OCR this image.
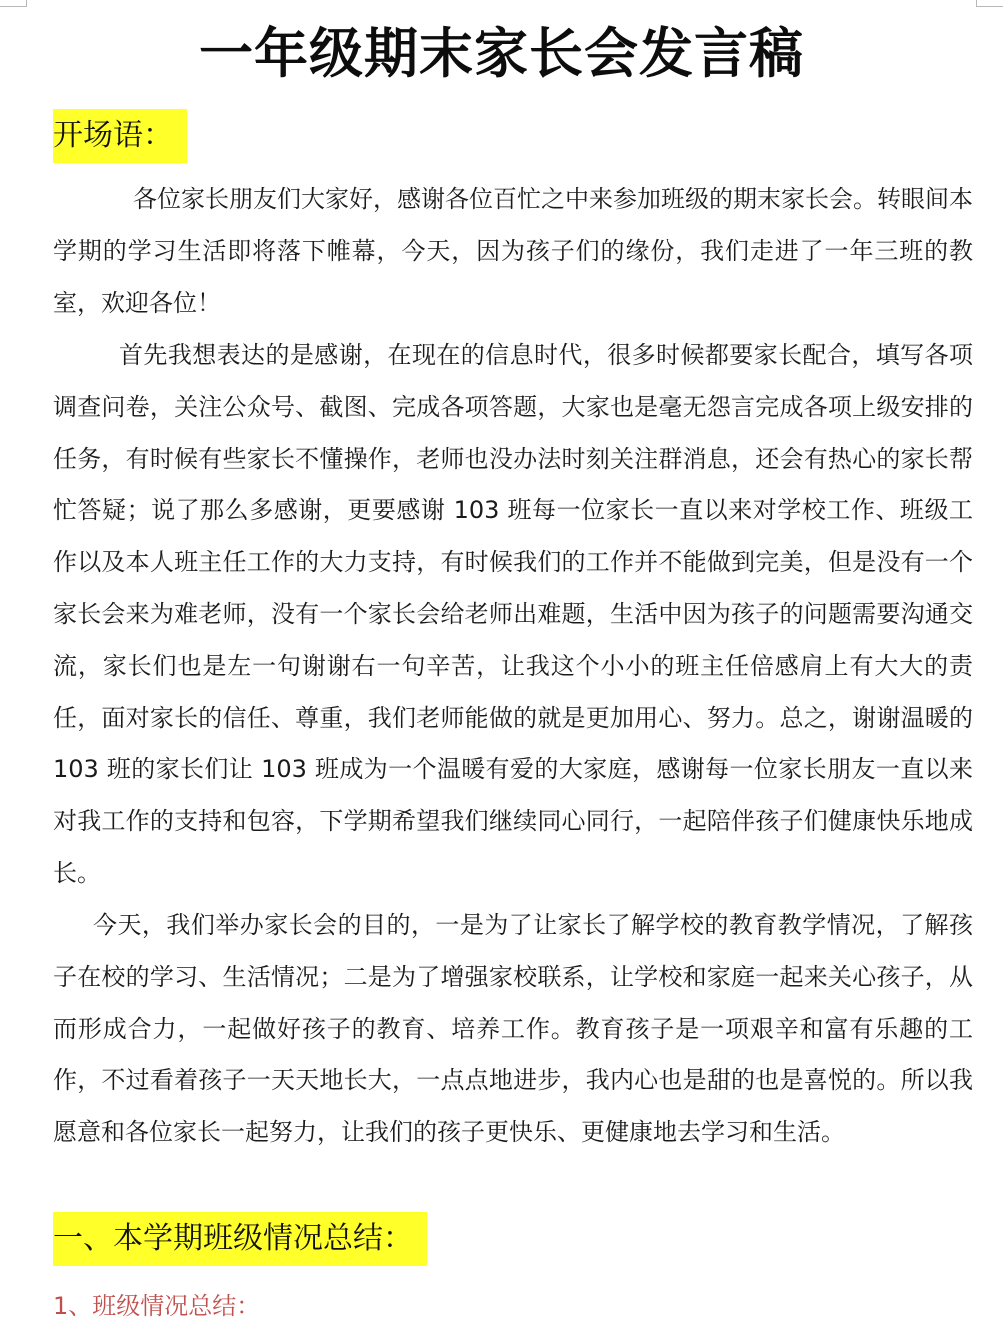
一年级期末家长会发言稿
开场语：

各位家长朋友们大家好，感谢各位百忙之中来参加班级的期末家长会。转眼间本学期的学习生活即将落下帷幕，今天，因为孩子们的缘份，我们走进了一年三班的教室，欢迎各位！

首先我想表达的是感谢，在现在的信息时代，很多时候都要家长配合，填写各项调查问卷，关注公众号、截图、完成各项答题，大家也是毫无怨言完成各项上级安排的任务，有时候有些家长不懂操作，老师也没办法时刻关注群消息，还会有热心的家长帮忙答疑；说了那么多感谢，更要感谢 103 班每一位家长一直以来对学校工作、班级工作以及本人班主任工作的大力支持，有时候我们的工作并不能做到完美，但是没有一个家长会来为难老师，没有一个家长会给老师出难题，生活中因为孩子的问题需要沟通交流，家长们也是左一句谢谢右一句辛苦，让我这个小小的班主任倍感肩上有大大的责任，面对家长的信任、尊重，我们老师能做的就是更加用心、努力。总之，谢谢温暖的 103 班的家长们让 103 班成为一个温暖有爱的大家庭，感谢每一位家长朋友一直以来对我工作的支持和包容，下学期希望我们继续同心同行，一起陪伴孩子们健康快乐地成长。

今天，我们举办家长会的目的，一是为了让家长了解学校的教育教学情况，了解孩子在校的学习、生活情况；二是为了增强家校联系，让学校和家庭一起来关心孩子，从而形成合力，一起做好孩子的教育、培养工作。教育孩子是一项艰辛和富有乐趣的工作，不过看着孩子一天天地长大，一点点地进步，我内心也是甜的也是喜悦的。所以我愿意和各位家长一起努力，让我们的孩子更快乐、更健康地去学习和生活。

一、本学期班级情况总结：
1、班级情况总结：
